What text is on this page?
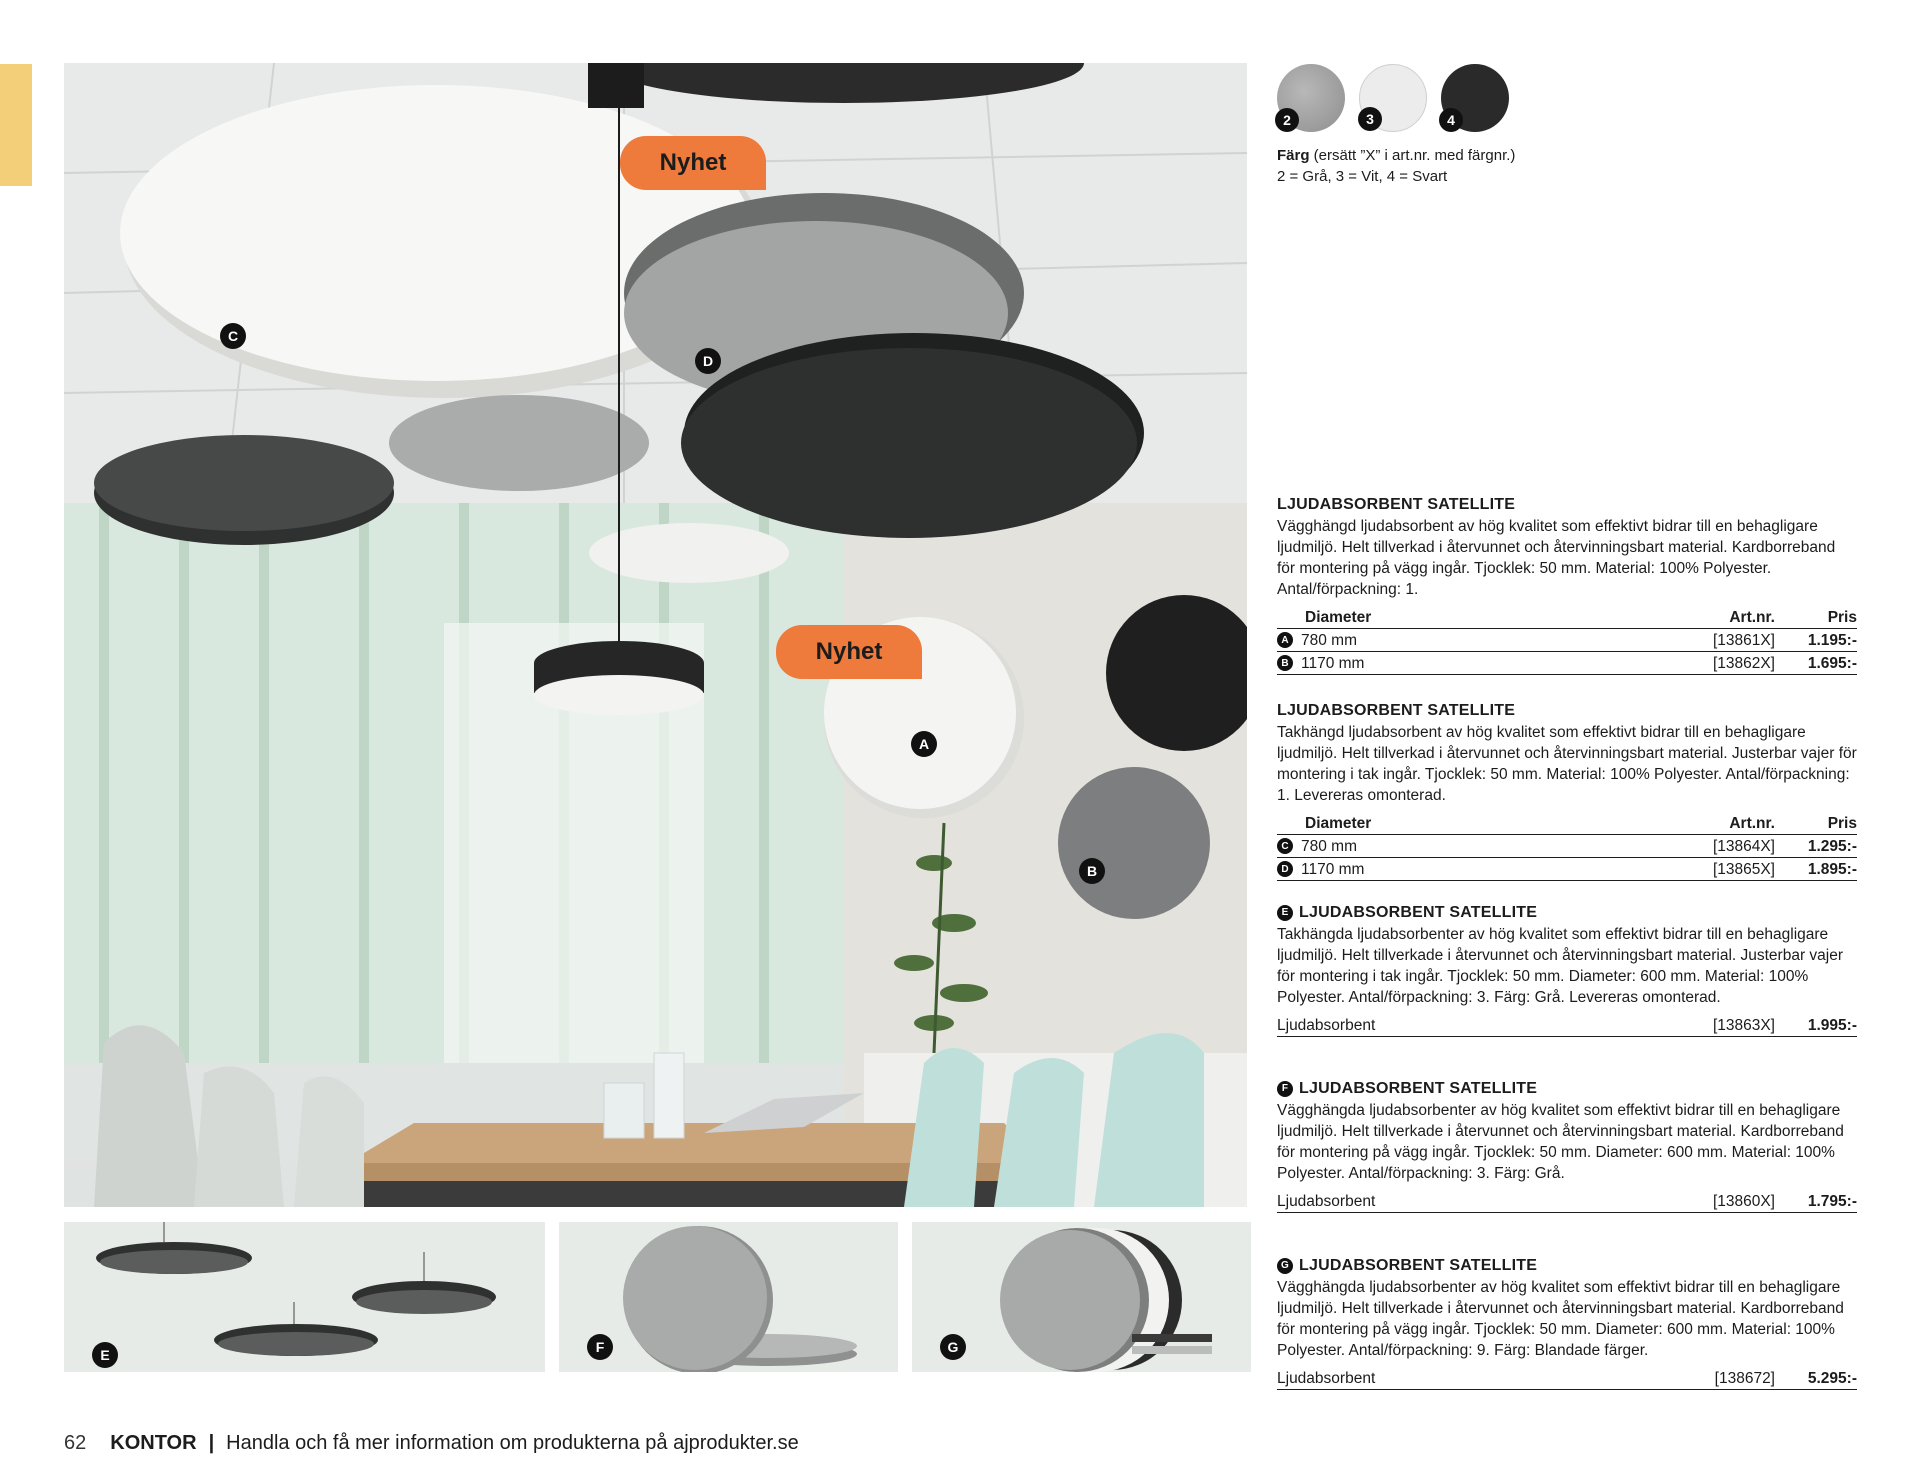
Nyhet
Nyhet
C
D
A
B
E	F	G
2	3	4
Färg (ersätt ”X” i art.nr. med färgnr.)
2 = Grå, 3 = Vit, 4 = Svart
LJUDABSORBENT SATELLITE
Vägghängd ljudabsorbent av hög kvalitet som effektivt bidrar till en behagligare ljudmiljö. Helt tillverkad i återvunnet och återvinningsbart material. Kardborreband för montering på vägg ingår. Tjocklek: 50 mm. Material: 100% Polyester. Antal/förpackning: 1.
Diameter	Art.nr.	Pris
A 780 mm	[13861X]	1.195:-
B 1170 mm	[13862X]	1.695:-
LJUDABSORBENT SATELLITE
Takhängd ljudabsorbent av hög kvalitet som effektivt bidrar till en behagligare ljudmiljö. Helt tillverkad i återvunnet och återvinningsbart material. Justerbar vajer för montering i tak ingår. Tjocklek: 50 mm. Material: 100% Polyester. Antal/förpackning: 1. Levereras omonterad.
Diameter	Art.nr.	Pris
C 780 mm	[13864X]	1.295:-
D 1170 mm	[13865X]	1.895:-
E LJUDABSORBENT SATELLITE
Takhängda ljudabsorbenter av hög kvalitet som effektivt bidrar till en behagligare ljudmiljö. Helt tillverkade i återvunnet och återvinningsbart material. Justerbar vajer för montering i tak ingår. Tjocklek: 50 mm. Diameter: 600 mm. Material: 100% Polyester. Antal/förpackning: 3. Färg: Grå. Levereras omonterad.
Ljudabsorbent	[13863X]	1.995:-
F LJUDABSORBENT SATELLITE
Vägghängda ljudabsorbenter av hög kvalitet som effektivt bidrar till en behagligare ljudmiljö. Helt tillverkade i återvunnet och återvinningsbart material. Kardborreband för montering på vägg ingår. Tjocklek: 50 mm. Diameter: 600 mm. Material: 100% Polyester. Antal/förpackning: 3. Färg: Grå.
Ljudabsorbent	[13860X]	1.795:-
G LJUDABSORBENT SATELLITE
Vägghängda ljudabsorbenter av hög kvalitet som effektivt bidrar till en behagligare ljudmiljö. Helt tillverkade i återvunnet och återvinningsbart material. Kardborreband för montering på vägg ingår. Tjocklek: 50 mm. Diameter: 600 mm. Material: 100% Polyester. Antal/förpackning: 9. Färg: Blandade färger.
Ljudabsorbent	[138672]	5.295:-
62 KONTOR | Handla och få mer information om produkterna på ajprodukter.se
